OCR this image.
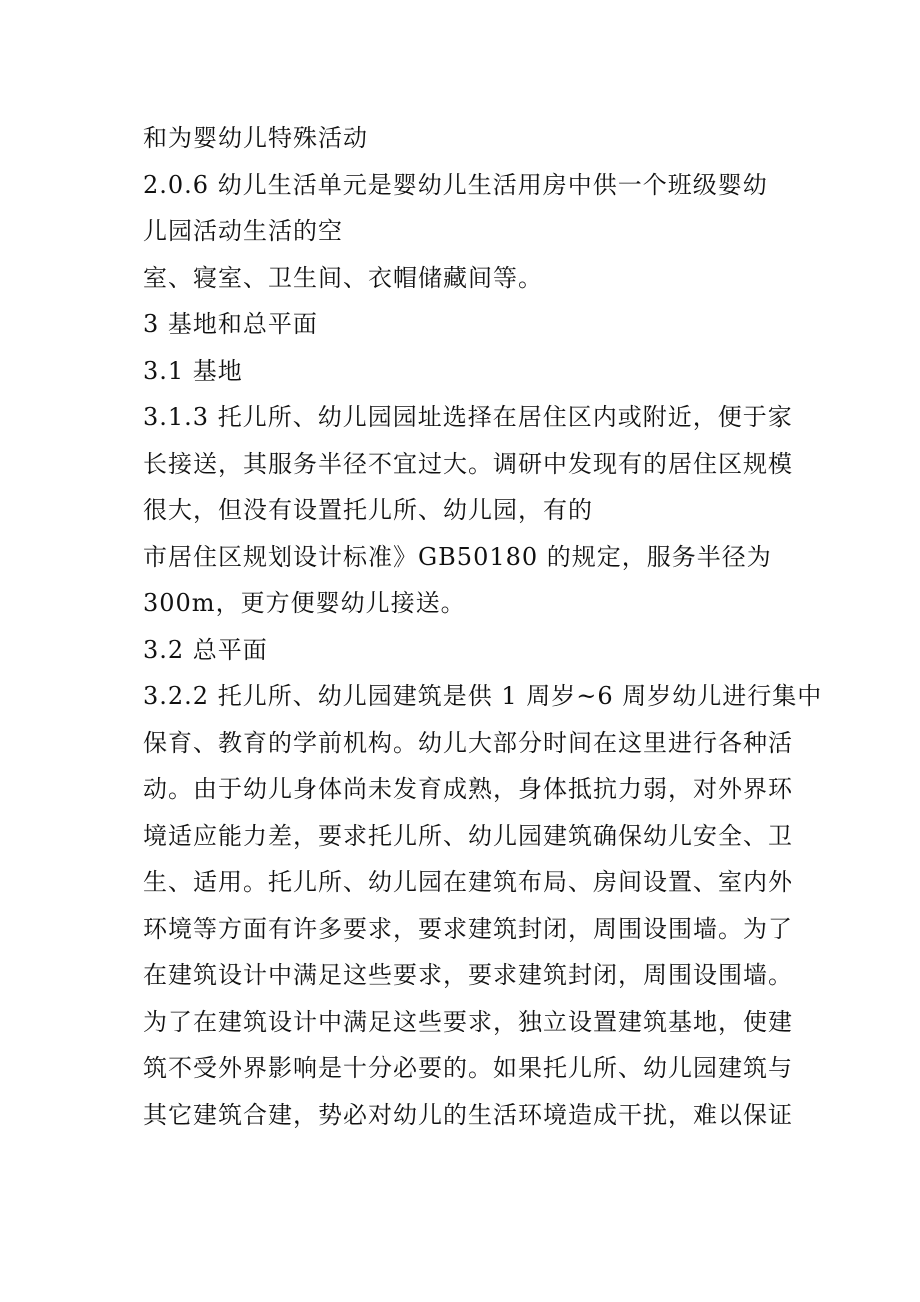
和为婴幼儿特殊活动
2.0.6 幼儿生活单元是婴幼儿生活用房中供一个班级婴幼
儿园活动生活的空
室、寝室、卫生间、衣帽储藏间等。
3 基地和总平面
3.1 基地
3.1.3 托儿所、幼儿园园址选择在居住区内或附近，便于家
长接送，其服务半径不宜过大。调研中发现有的居住区规模
很大，但没有设置托儿所、幼儿园，有的
市居住区规划设计标准》GB50180 的规定，服务半径为
300m，更方便婴幼儿接送。
3.2 总平面
3.2.2 托儿所、幼儿园建筑是供 1 周岁~6 周岁幼儿进行集中
保育、教育的学前机构。幼儿大部分时间在这里进行各种活
动。由于幼儿身体尚未发育成熟，身体抵抗力弱，对外界环
境适应能力差，要求托儿所、幼儿园建筑确保幼儿安全、卫
生、适用。托儿所、幼儿园在建筑布局、房间设置、室内外
环境等方面有许多要求，要求建筑封闭，周围设围墙。为了
在建筑设计中满足这些要求，要求建筑封闭，周围设围墙。
为了在建筑设计中满足这些要求，独立设置建筑基地，使建
筑不受外界影响是十分必要的。如果托儿所、幼儿园建筑与
其它建筑合建，势必对幼儿的生活环境造成干扰，难以保证
